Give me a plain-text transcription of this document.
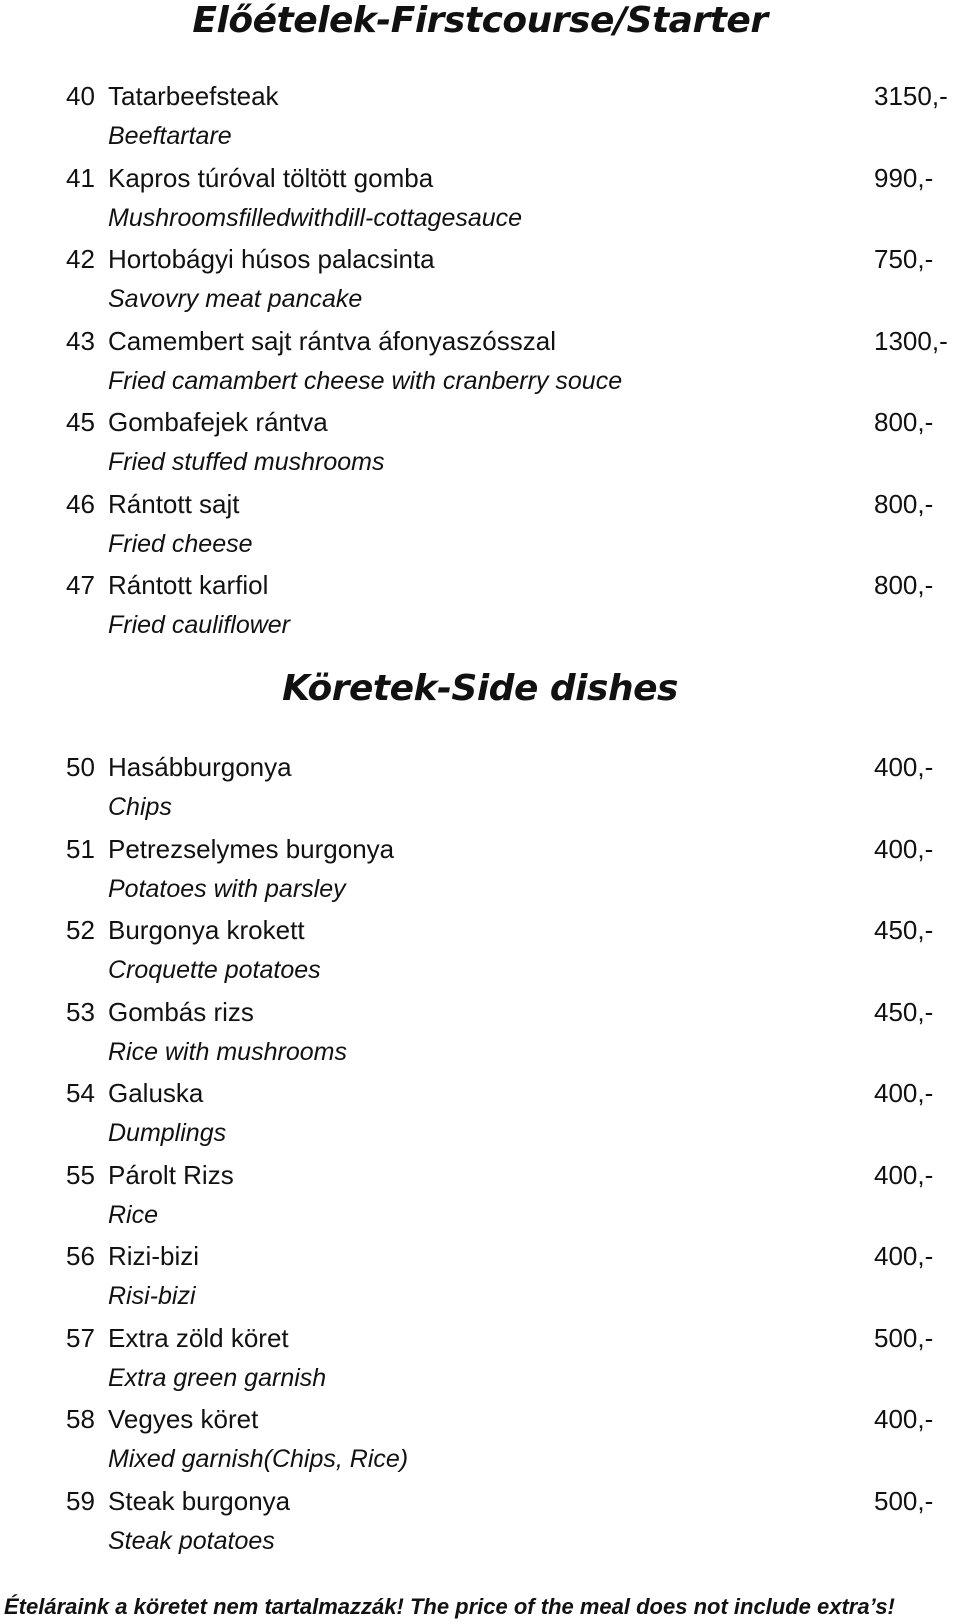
Előételek-Firstcourse/Starter
40 Tatarbeefsteak	3150,-
Beeftartare
41 Kapros túróval töltött gomba	990,-
Mushroomsfilledwithdill-cottagesauce
42 Hortobágyi húsos palacsinta	750,-
Savovry meat pancake
43 Camembert sajt rántva áfonyaszósszal	1300,-
Fried camambert cheese with cranberry souce
45 Gombafejek rántva	800,-
Fried stuffed mushrooms
46 Rántott sajt	800,-
Fried cheese
47 Rántott karfiol	800,-
Fried cauliflower
Köretek-Side dishes
50 Hasábburgonya	400,-
Chips
51 Petrezselymes burgonya	400,-
Potatoes with parsley
52 Burgonya krokett	450,-
Croquette potatoes
53 Gombás rizs	450,-
Rice with mushrooms
54 Galuska	400,-
Dumplings
55 Párolt Rizs	400,-
Rice
56 Rizi-bizi	400,-
Risi-bizi
57 Extra zöld köret	500,-
Extra green garnish
58 Vegyes köret	400,-
Mixed garnish(Chips, Rice)
59 Steak burgonya	500,-
Steak potatoes
Ételáraink a köretet nem tartalmazzák! The price of the meal does not include extra’s!
